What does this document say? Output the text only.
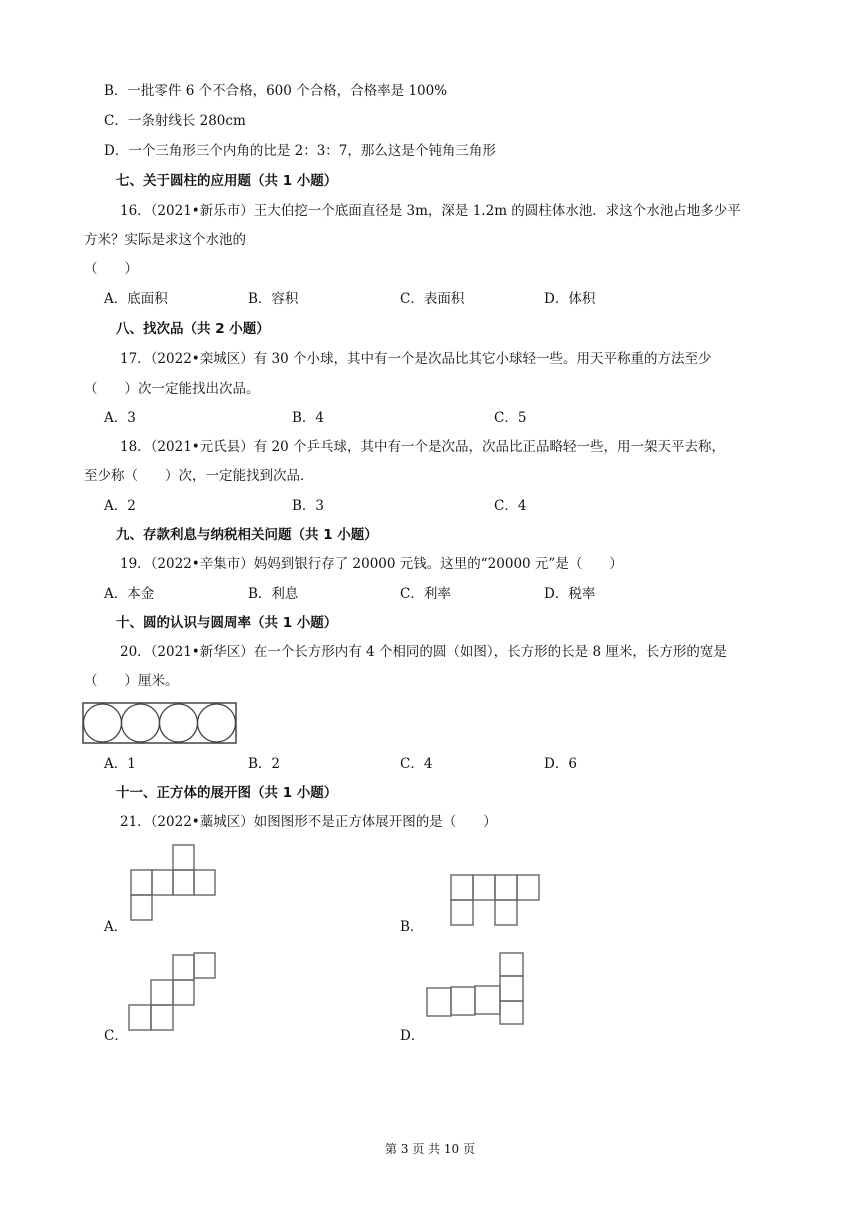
B．一批零件 6 个不合格，600 个合格，合格率是 100%
C．一条射线长 280cm
D．一个三角形三个内角的比是 2：3：7，那么这是个钝角三角形
七、关于圆柱的应用题（共 1 小题）
16．（2021•新乐市）王大伯挖一个底面直径是 3m，深是 1.2m 的圆柱体水池．求这个水池占地多少平
方米？实际是求这个水池的
（　　）
A．底面积	B．容积	C．表面积	D．体积
八、找次品（共 2 小题）
17．（2022•栾城区）有 30 个小球，其中有一个是次品比其它小球轻一些。用天平称重的方法至少
（　　）次一定能找出次品。
A．3	B．4	C．5
18．（2021•元氏县）有 20 个乒乓球，其中有一个是次品，次品比正品略轻一些，用一架天平去称，
至少称（　　）次，一定能找到次品．
A．2	B．3	C．4
九、存款利息与纳税相关问题（共 1 小题）
19．（2022•辛集市）妈妈到银行存了 20000 元钱。这里的“20000 元”是（　　）
A．本金	B．利息	C．利率	D．税率
十、圆的认识与圆周率（共 1 小题）
20．（2021•新华区）在一个长方形内有 4 个相同的圆（如图），长方形的长是 8 厘米，长方形的宽是
（　　）厘米。
A．1	B．2	C．4	D．6
十一、正方体的展开图（共 1 小题）
21．（2022•藁城区）如图图形不是正方体展开图的是（　　）
A．	B．
C．	D．
第 3 页 共 10 页
